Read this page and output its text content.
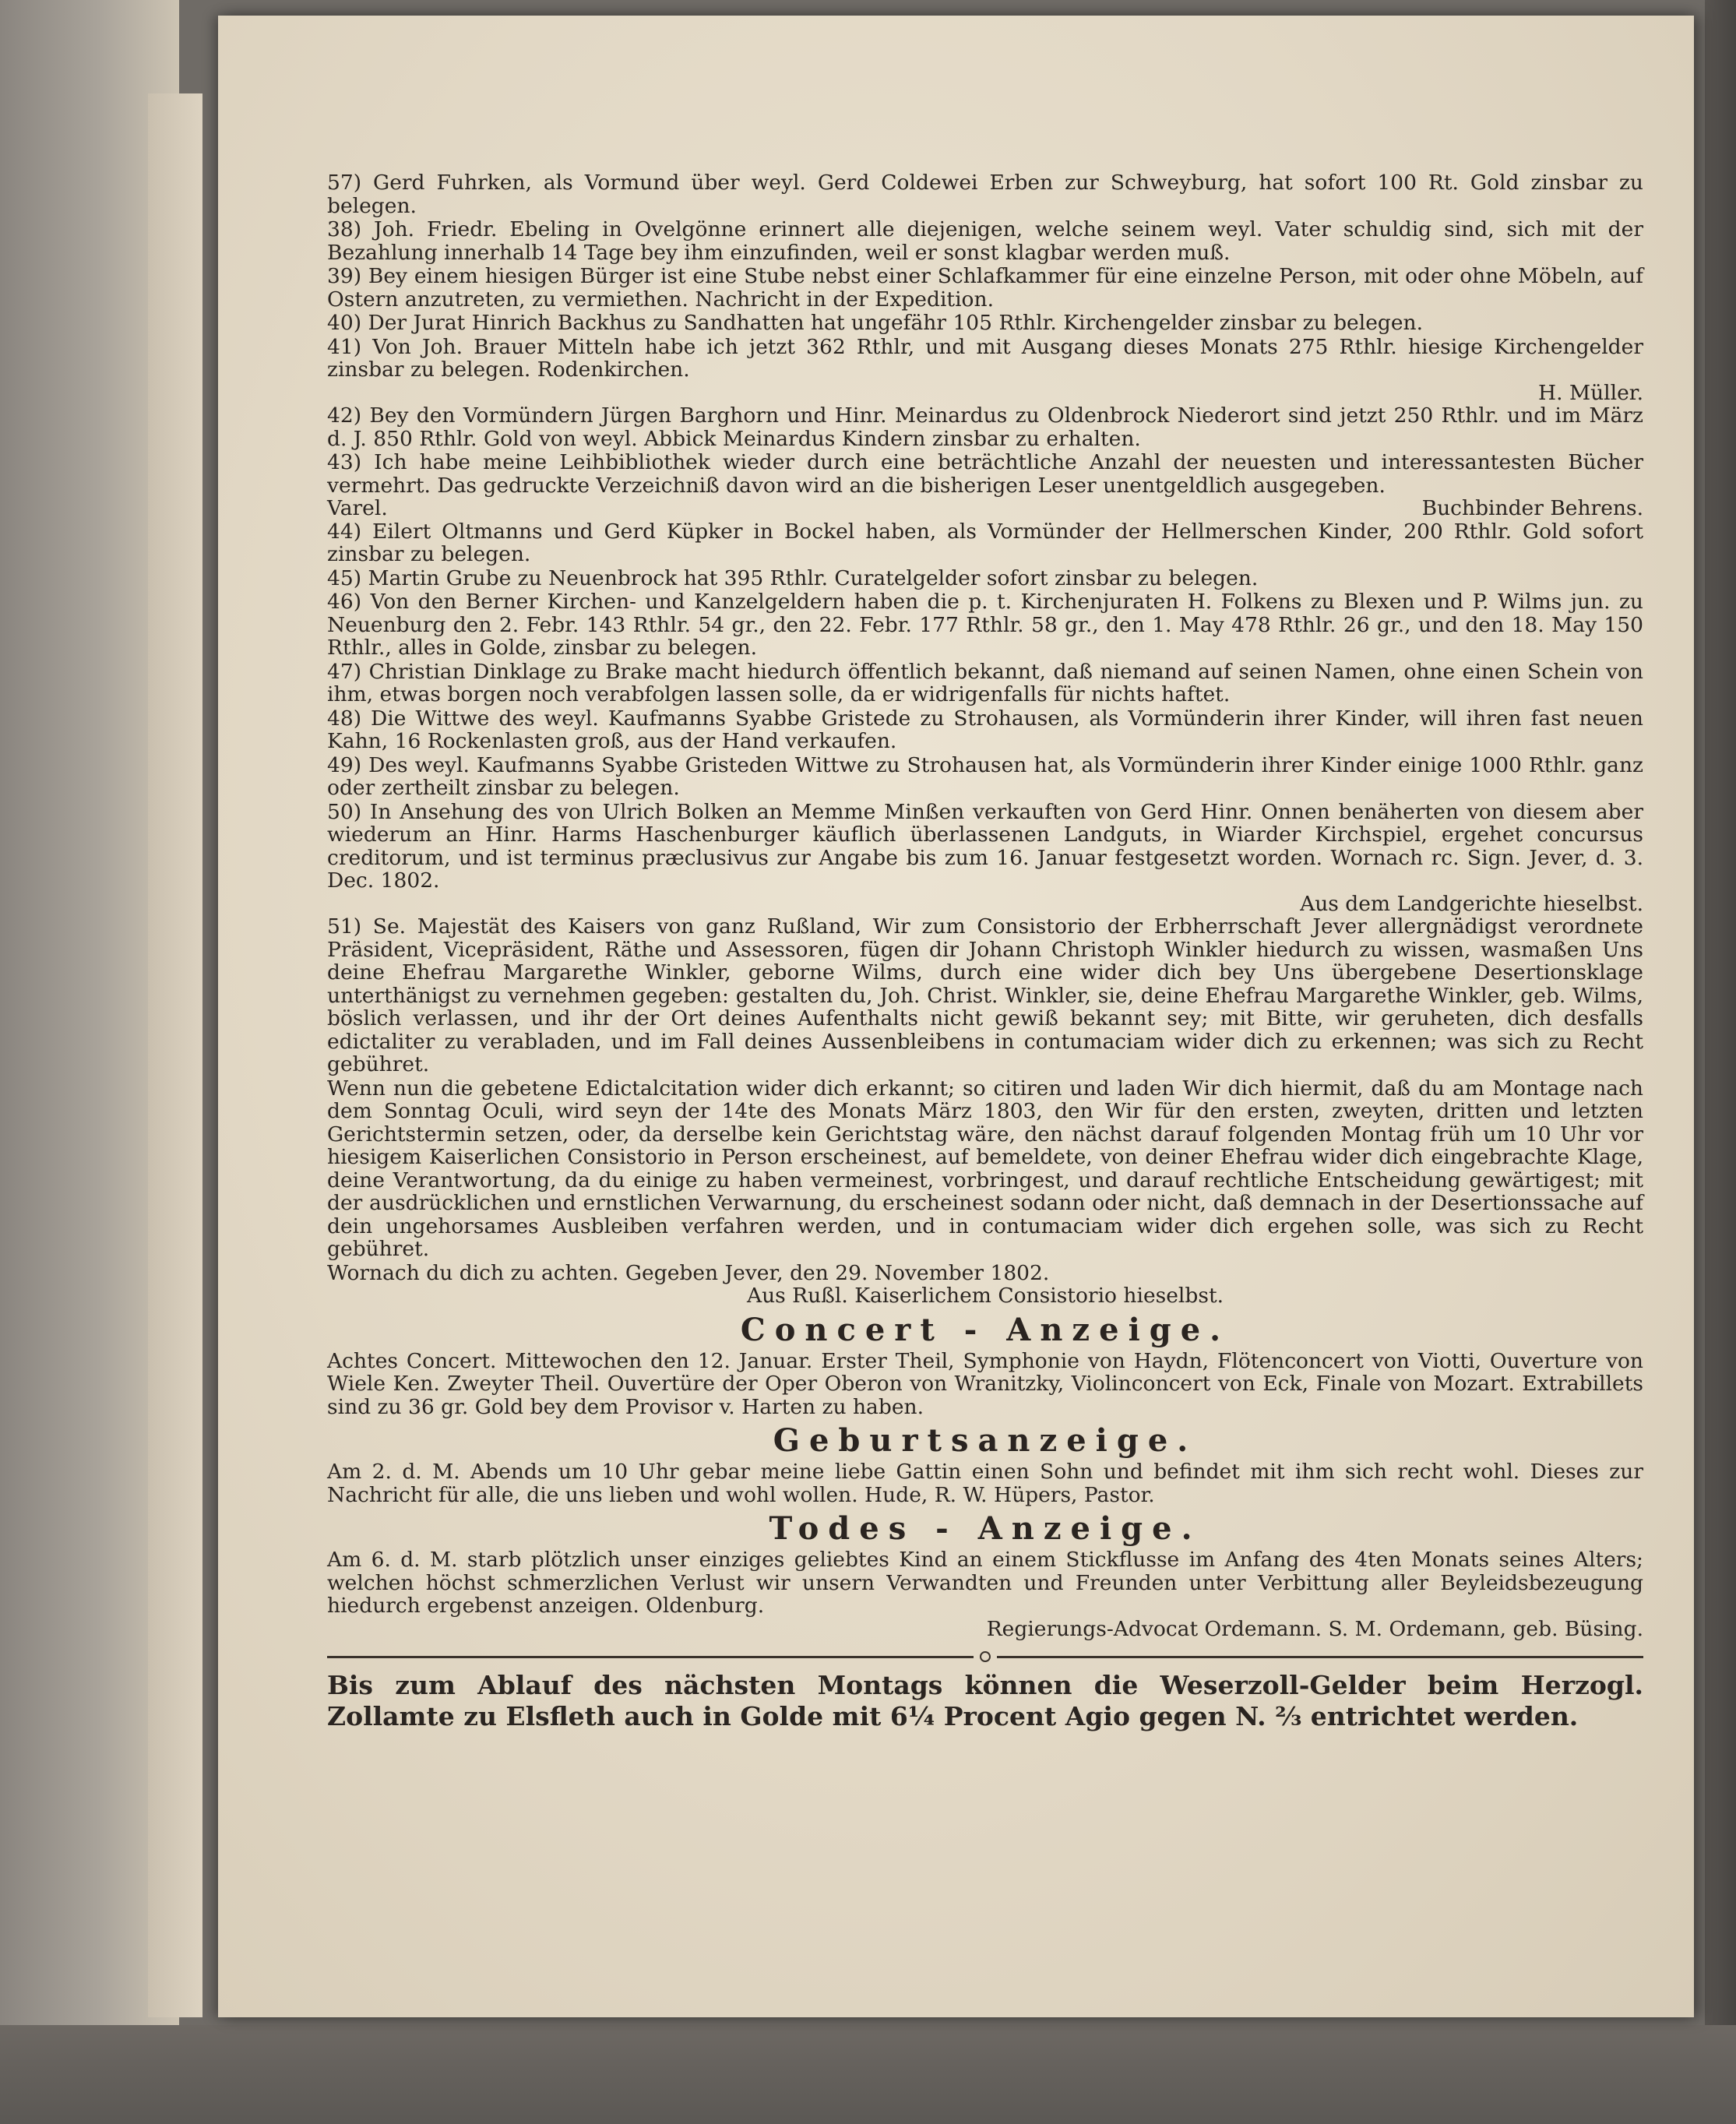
57) Gerd Fuhrken, als Vormund über weyl. Gerd Coldewei Erben zur Schweyburg, hat sofort 100 Rt. Gold zinsbar zu belegen.

38) Joh. Friedr. Ebeling in Ovelgönne erinnert alle diejenigen, welche seinem weyl. Vater schuldig sind, sich mit der Bezahlung innerhalb 14 Tage bey ihm einzufinden, weil er sonst klagbar werden muß.

39) Bey einem hiesigen Bürger ist eine Stube nebst einer Schlafkammer für eine einzelne Person, mit oder ohne Möbeln, auf Ostern anzutreten, zu vermiethen. Nachricht in der Expedition.

40) Der Jurat Hinrich Backhus zu Sandhatten hat ungefähr 105 Rthlr. Kirchengelder zinsbar zu belegen.

41) Von Joh. Brauer Mitteln habe ich jetzt 362 Rthlr, und mit Ausgang dieses Monats 275 Rthlr. hiesige Kirchengelder zinsbar zu belegen. Rodenkirchen.

H. Müller.

42) Bey den Vormündern Jürgen Barghorn und Hinr. Meinardus zu Oldenbrock Niederort sind jetzt 250 Rthlr. und im März d. J. 850 Rthlr. Gold von weyl. Abbick Meinardus Kindern zinsbar zu erhalten.

43) Ich habe meine Leihbibliothek wieder durch eine beträchtliche Anzahl der neuesten und interessantesten Bücher vermehrt. Das gedruckte Verzeichniß davon wird an die bisherigen Leser unentgeldlich ausgegeben.

Varel.	Buchbinder Behrens.

44) Eilert Oltmanns und Gerd Küpker in Bockel haben, als Vormünder der Hellmerschen Kinder, 200 Rthlr. Gold sofort zinsbar zu belegen.

45) Martin Grube zu Neuenbrock hat 395 Rthlr. Curatelgelder sofort zinsbar zu belegen.

46) Von den Berner Kirchen- und Kanzelgeldern haben die p. t. Kirchenjuraten H. Folkens zu Blexen und P. Wilms jun. zu Neuenburg den 2. Febr. 143 Rthlr. 54 gr., den 22. Febr. 177 Rthlr. 58 gr., den 1. May 478 Rthlr. 26 gr., und den 18. May 150 Rthlr., alles in Golde, zinsbar zu belegen.

47) Christian Dinklage zu Brake macht hiedurch öffentlich bekannt, daß niemand auf seinen Namen, ohne einen Schein von ihm, etwas borgen noch verabfolgen lassen solle, da er widrigenfalls für nichts haftet.

48) Die Wittwe des weyl. Kaufmanns Syabbe Gristede zu Strohausen, als Vormünderin ihrer Kinder, will ihren fast neuen Kahn, 16 Rockenlasten groß, aus der Hand verkaufen.

49) Des weyl. Kaufmanns Syabbe Gristeden Wittwe zu Strohausen hat, als Vormünderin ihrer Kinder einige 1000 Rthlr. ganz oder zertheilt zinsbar zu belegen.

50) In Ansehung des von Ulrich Bolken an Memme Minßen verkauften von Gerd Hinr. Onnen benäherten von diesem aber wiederum an Hinr. Harms Haschenburger käuflich überlassenen Landguts, in Wiarder Kirchspiel, ergehet concursus creditorum, und ist terminus præclusivus zur Angabe bis zum 16. Januar festgesetzt worden. Wornach rc. Sign. Jever, d. 3. Dec. 1802.

Aus dem Landgerichte hieselbst.

51) Se. Majestät des Kaisers von ganz Rußland, Wir zum Consistorio der Erbherrschaft Jever allergnädigst verordnete Präsident, Vicepräsident, Räthe und Assessoren, fügen dir Johann Christoph Winkler hiedurch zu wissen, wasmaßen Uns deine Ehefrau Margarethe Winkler, geborne Wilms, durch eine wider dich bey Uns übergebene Desertionsklage unterthänigst zu vernehmen gegeben: gestalten du, Joh. Christ. Winkler, sie, deine Ehefrau Margarethe Winkler, geb. Wilms, böslich verlassen, und ihr der Ort deines Aufenthalts nicht gewiß bekannt sey; mit Bitte, wir geruheten, dich desfalls edictaliter zu verabladen, und im Fall deines Aussenbleibens in contumaciam wider dich zu erkennen; was sich zu Recht gebühret.

Wenn nun die gebetene Edictalcitation wider dich erkannt; so citiren und laden Wir dich hiermit, daß du am Montage nach dem Sonntag Oculi, wird seyn der 14te des Monats März 1803, den Wir für den ersten, zweyten, dritten und letzten Gerichtstermin setzen, oder, da derselbe kein Gerichtstag wäre, den nächst darauf folgenden Montag früh um 10 Uhr vor hiesigem Kaiserlichen Consistorio in Person erscheinest, auf bemeldete, von deiner Ehefrau wider dich eingebrachte Klage, deine Verantwortung, da du einige zu haben vermeinest, vorbringest, und darauf rechtliche Entscheidung gewärtigest; mit der ausdrücklichen und ernstlichen Verwarnung, du erscheinest sodann oder nicht, daß demnach in der Desertionssache auf dein ungehorsames Ausbleiben verfahren werden, und in contumaciam wider dich ergehen solle, was sich zu Recht gebühret.

Wornach du dich zu achten. Gegeben Jever, den 29. November 1802.

Aus Rußl. Kaiserlichem Consistorio hieselbst.

Concert - Anzeige.

Achtes Concert. Mittewochen den 12. Januar. Erster Theil, Symphonie von Haydn, Flötenconcert von Viotti, Ouverture von Wiele Ken. Zweyter Theil. Ouvertüre der Oper Oberon von Wranitzky, Violinconcert von Eck, Finale von Mozart. Extrabillets sind zu 36 gr. Gold bey dem Provisor v. Harten zu haben.

Geburtsanzeige.

Am 2. d. M. Abends um 10 Uhr gebar meine liebe Gattin einen Sohn und befindet mit ihm sich recht wohl. Dieses zur Nachricht für alle, die uns lieben und wohl wollen. Hude, R. W. Hüpers, Pastor.

Todes - Anzeige.

Am 6. d. M. starb plötzlich unser einziges geliebtes Kind an einem Stickflusse im Anfang des 4ten Monats seines Alters; welchen höchst schmerzlichen Verlust wir unsern Verwandten und Freunden unter Verbittung aller Beyleidsbezeugung hiedurch ergebenst anzeigen. Oldenburg.

Regierungs-Advocat Ordemann. S. M. Ordemann, geb. Büsing.

Bis zum Ablauf des nächsten Montags können die Weserzoll-Gelder beim Herzogl. Zollamte zu Elsfleth auch in Golde mit 6¼ Procent Agio gegen N. ⅔ entrichtet werden.
